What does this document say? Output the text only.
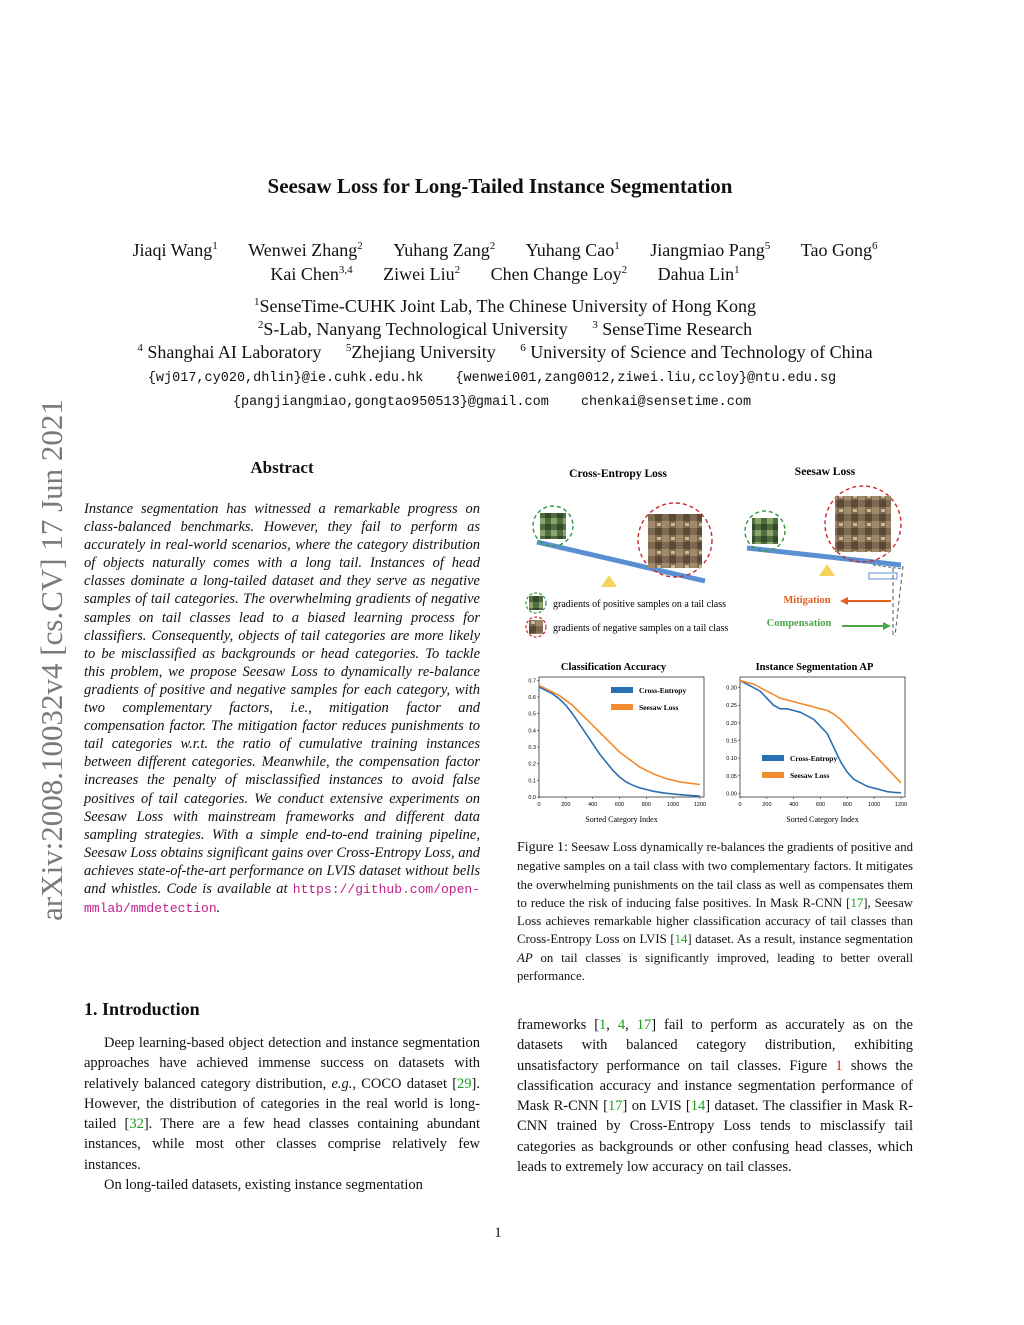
arXiv:2008.10032v4 [cs.CV] 17 Jun 2021
Seesaw Loss for Long-Tailed Instance Segmentation
Jiaqi Wang$^1$ Wenwei Zhang$^2$ Yuhang Zang$^2$ Yuhang Cao$^1$ Jiangmiao Pang$^5$ Tao Gong$^6$
Kai Chen$^{3,4}$ Ziwei Liu$^2$ Chen Change Loy$^2$ Dahua Lin$^1$
$^1$SenseTime-CUHK Joint Lab, The Chinese University of Hong Kong
$^2$S-Lab, Nanyang Technological University $^3$ SenseTime Research
$^4$ Shanghai AI Laboratory $^5$Zhejiang University $^6$ University of Science and Technology of China
{wj017,cy020,dhlin}@ie.cuhk.edu.hk {wenwei001,zang0012,ziwei.liu,ccloy}@ntu.edu.sg
{pangjiangmiao,gongtao950513}@gmail.com chenkai@sensetime.com
Abstract
Instance segmentation has witnessed a remarkable progress on class-balanced benchmarks. However, they fail to perform as accurately in real-world scenarios, where the category distribution of objects naturally comes with a long tail. Instances of head classes dominate a long-tailed dataset and they serve as negative samples of tail categories. The overwhelming gradients of negative samples on tail classes lead to a biased learning process for classifiers. Consequently, objects of tail categories are more likely to be misclassified as backgrounds or head categories. To tackle this problem, we propose Seesaw Loss to dynamically re-balance gradients of positive and negative samples for each category, with two complementary factors, i.e., mitigation factor and compensation factor. The mitigation factor reduces punishments to tail categories w.r.t. the ratio of cumulative training instances between different categories. Meanwhile, the compensation factor increases the penalty of misclassified instances to avoid false positives of tail categories. We conduct extensive experiments on Seesaw Loss with mainstream frameworks and different data sampling strategies. With a simple end-to-end training pipeline, Seesaw Loss obtains significant gains over Cross-Entropy Loss, and achieves state-of-the-art performance on LVIS dataset without bells and whistles. Code is available at https://github.com/open-mmlab/mmdetection.
1. Introduction

Deep learning-based object detection and instance segmentation approaches have achieved immense success on datasets with relatively balanced category distribution, e.g., COCO dataset [29]. However, the distribution of categories in the real world is long-tailed [32]. There are a few head classes containing abundant instances, while most other classes comprise relatively few instances.

On long-tailed datasets, existing instance segmentation

frameworks [1, 4, 17] fail to perform as accurately as on the datasets with balanced category distribution, exhibiting unsatisfactory performance on tail classes. Figure 1 shows the classification accuracy and instance segmentation performance of Mask R-CNN [17] on LVIS [14] dataset. The classifier in Mask R-CNN trained by Cross-Entropy Loss tends to misclassify tail categories as backgrounds or other confusing head classes, which leads to extremely low accuracy on tail classes.
Cross-Entropy Loss	Seesaw Loss
Mitigation
Compensation
gradients of positive samples on a tail class
gradients of negative samples on a tail class
Classification Accuracy
0	200	400	600	800	1000	1200
0.0
0.1
0.2
0.3
0.4
0.5
0.6
0.7
Sorted Category Index
Cross-Entropy
Seesaw Loss
Instance Segmentation AP
0	200	400	600	800	1000	1200
0.00
0.05
0.10
0.15
0.20
0.25
0.30
Sorted Category Index
Cross-Entropy
Seesaw Loss
Figure 1: Seesaw Loss dynamically re-balances the gradients of positive and negative samples on a tail class with two complementary factors. It mitigates the overwhelming punishments on the tail class as well as compensates them to reduce the risk of inducing false positives. In Mask R-CNN [17], Seesaw Loss achieves remarkable higher classification accuracy of tail classes than Cross-Entropy Loss on LVIS [14] dataset. As a result, instance segmentation AP on tail classes is significantly improved, leading to better overall performance.
1
